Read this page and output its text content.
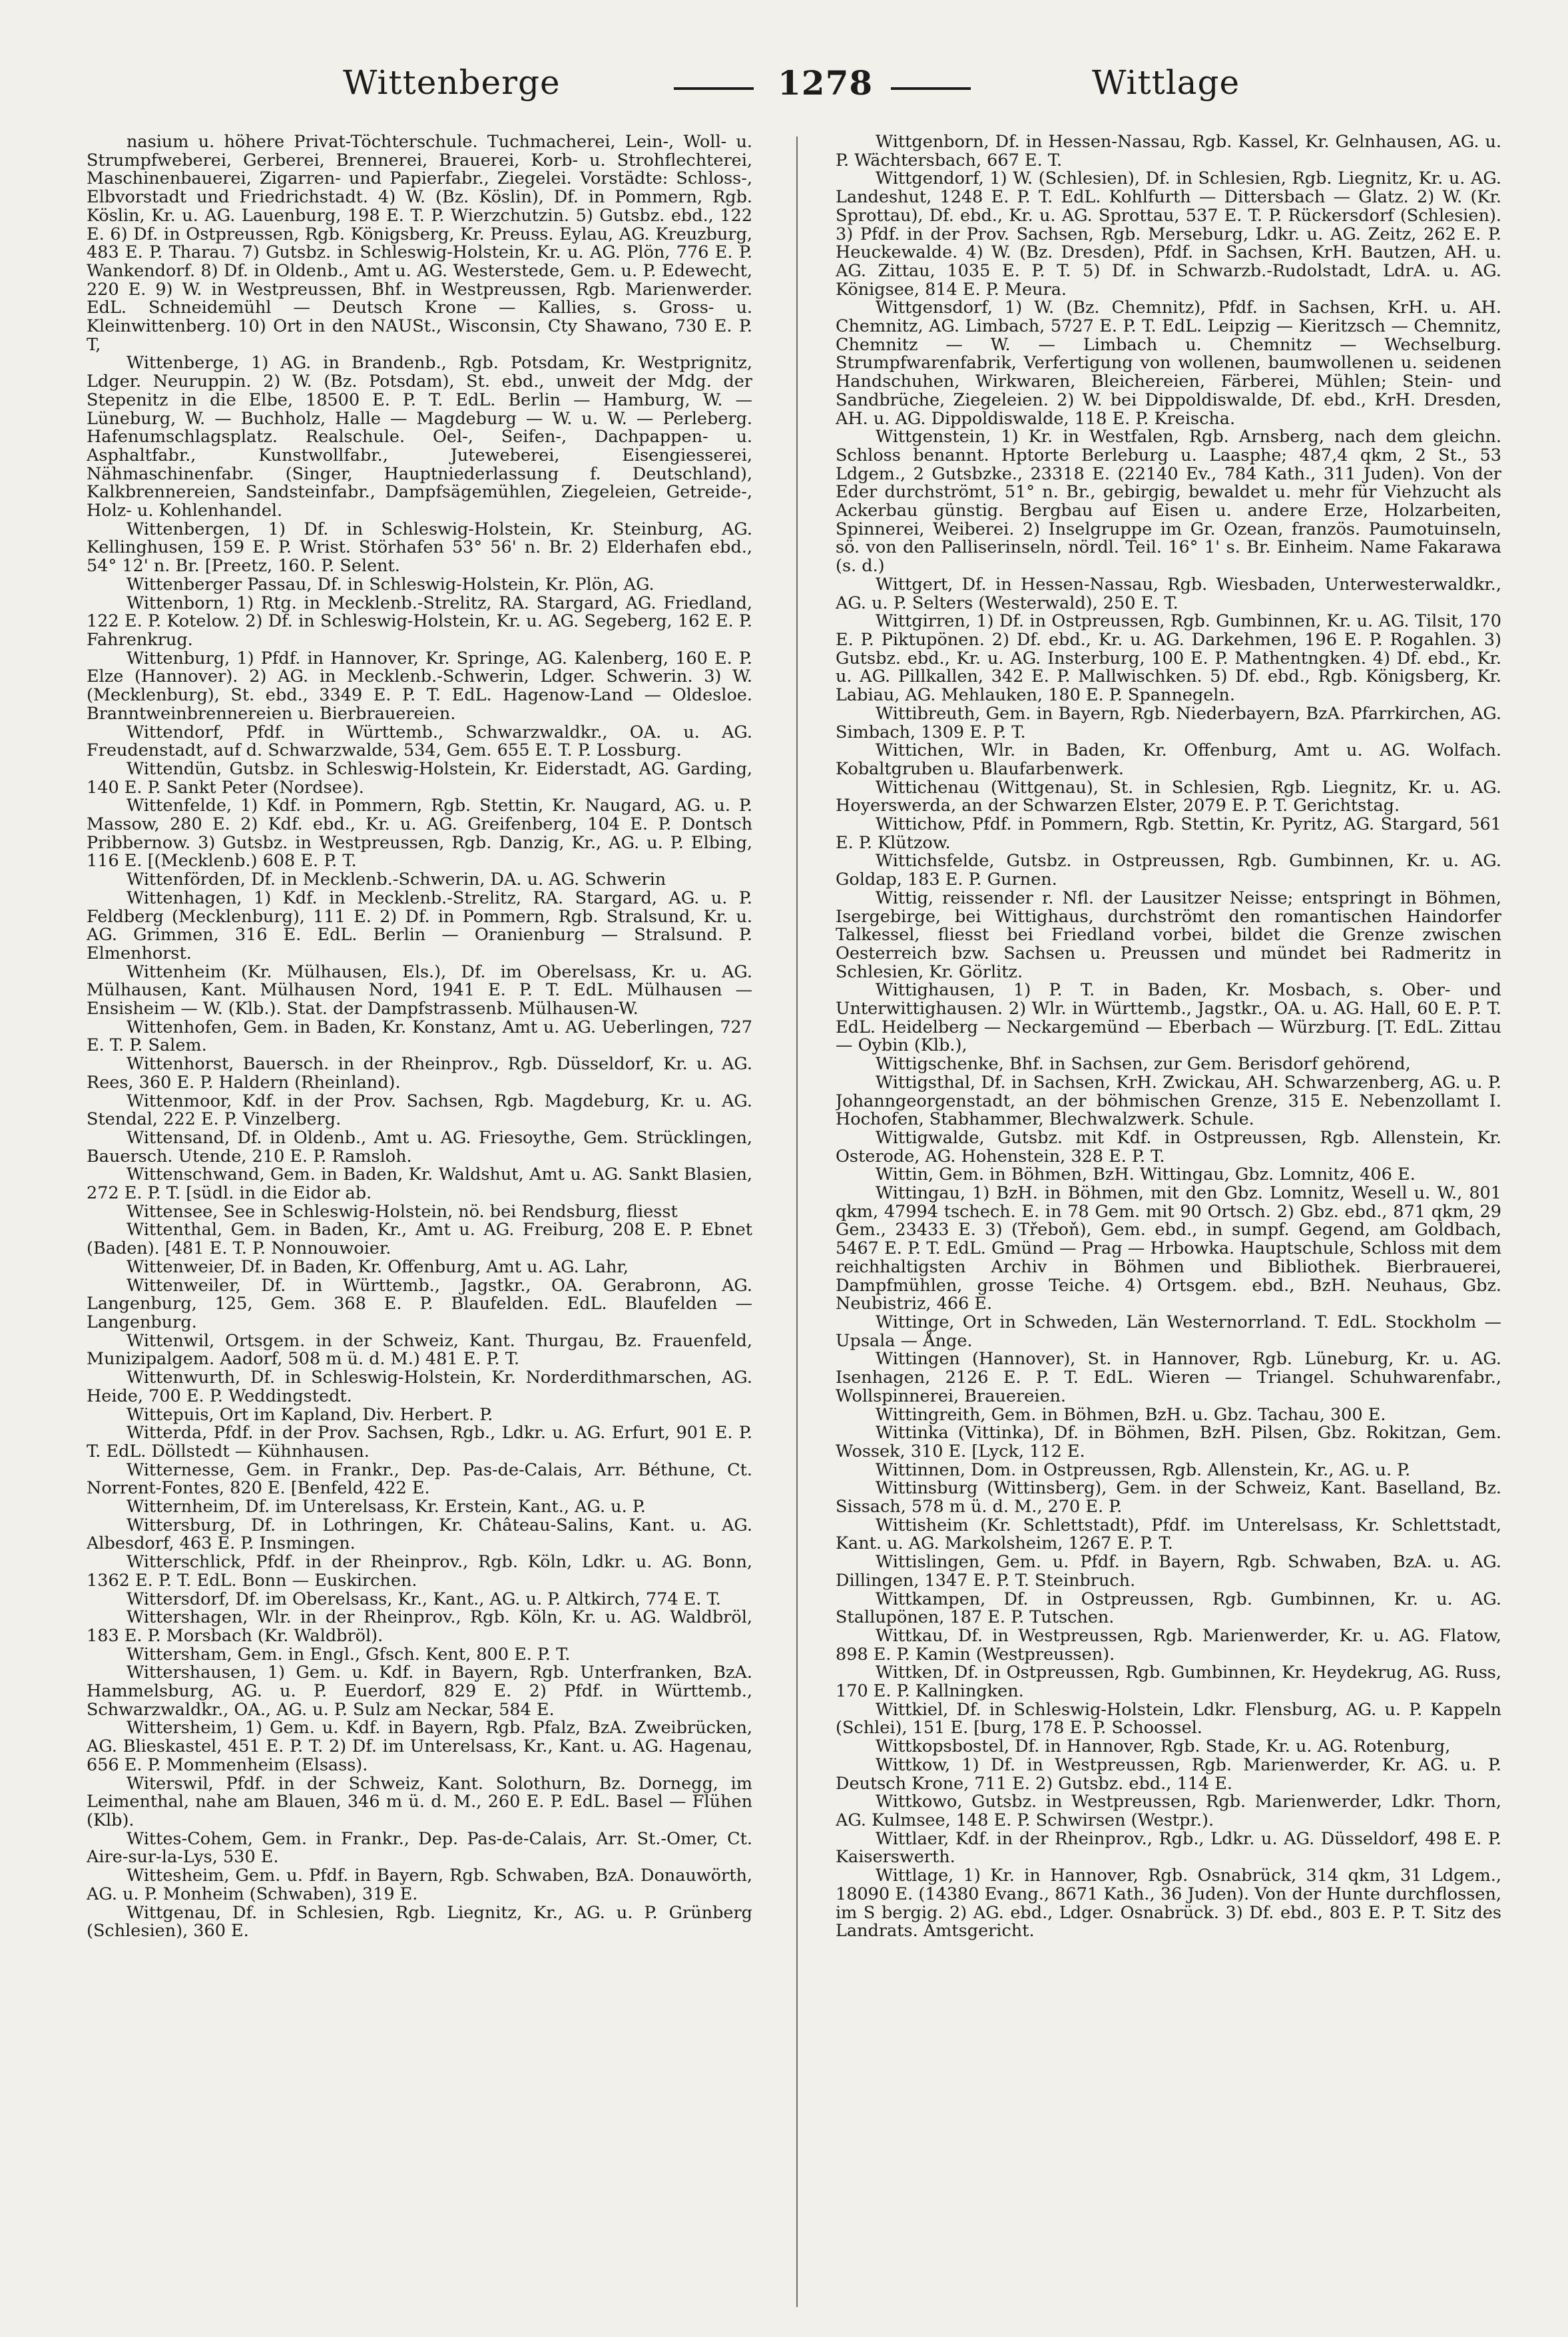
Wittenberge	1278	Wittlage

nasium u. höhere Privat-Töchterschule. Tuchmacherei, Lein-, Woll- u. Strumpfweberei, Gerberei, Brennerei, Brauerei, Korb- u. Strohflechterei, Maschinenbauerei, Zigarren- und Papierfabr., Ziegelei. Vorstädte: Schloss-, Elbvorstadt und Friedrichstadt. 4) W. (Bz. Köslin), Df. in Pommern, Rgb. Köslin, Kr. u. AG. Lauenburg, 198 E. T. P. Wierzchutzin. 5) Gutsbz. ebd., 122 E. 6) Df. in Ostpreussen, Rgb. Königsberg, Kr. Preuss. Eylau, AG. Kreuzburg, 483 E. P. Tharau. 7) Gutsbz. in Schleswig-Holstein, Kr. u. AG. Plön, 776 E. P. Wankendorf. 8) Df. in Oldenb., Amt u. AG. Westerstede, Gem. u. P. Edewecht, 220 E. 9) W. in Westpreussen, Bhf. in Westpreussen, Rgb. Marienwerder. EdL. Schneidemühl — Deutsch Krone — Kallies, s. Gross- u. Kleinwittenberg. 10) Ort in den NAUSt., Wisconsin, Cty Shawano, 730 E. P. T,

Wittenberge, 1) AG. in Brandenb., Rgb. Potsdam, Kr. Westprignitz, Ldger. Neuruppin. 2) W. (Bz. Potsdam), St. ebd., unweit der Mdg. der Stepenitz in die Elbe, 18500 E. P. T. EdL. Berlin — Hamburg, W. — Lüneburg, W. — Buchholz, Halle — Magdeburg — W. u. W. — Perleberg. Hafenumschlagsplatz. Realschule. Oel-, Seifen-, Dachpappen- u. Asphaltfabr., Kunstwollfabr., Juteweberei, Eisengiesserei, Nähmaschinenfabr. (Singer, Hauptniederlassung f. Deutschland), Kalkbrennereien, Sandsteinfabr., Dampfsägemühlen, Ziegeleien, Getreide-, Holz- u. Kohlenhandel.

Wittenbergen, 1) Df. in Schleswig-Holstein, Kr. Steinburg, AG. Kellinghusen, 159 E. P. Wrist. Störhafen 53° 56' n. Br. 2) Elderhafen ebd., 54° 12' n. Br. [Preetz, 160. P. Selent.

Wittenberger Passau, Df. in Schleswig-Holstein, Kr. Plön, AG.

Wittenborn, 1) Rtg. in Mecklenb.-Strelitz, RA. Stargard, AG. Friedland, 122 E. P. Kotelow. 2) Df. in Schleswig-Holstein, Kr. u. AG. Segeberg, 162 E. P. Fahrenkrug.

Wittenburg, 1) Pfdf. in Hannover, Kr. Springe, AG. Kalenberg, 160 E. P. Elze (Hannover). 2) AG. in Mecklenb.-Schwerin, Ldger. Schwerin. 3) W. (Mecklenburg), St. ebd., 3349 E. P. T. EdL. Hagenow-Land — Oldesloe. Branntweinbrennereien u. Bierbrauereien.

Wittendorf, Pfdf. in Württemb., Schwarzwaldkr., OA. u. AG. Freudenstadt, auf d. Schwarzwalde, 534, Gem. 655 E. T. P. Lossburg.

Wittendün, Gutsbz. in Schleswig-Holstein, Kr. Eiderstadt, AG. Garding, 140 E. P. Sankt Peter (Nordsee).

Wittenfelde, 1) Kdf. in Pommern, Rgb. Stettin, Kr. Naugard, AG. u. P. Massow, 280 E. 2) Kdf. ebd., Kr. u. AG. Greifenberg, 104 E. P. Dontsch Pribbernow. 3) Gutsbz. in Westpreussen, Rgb. Danzig, Kr., AG. u. P. Elbing, 116 E. [(Mecklenb.) 608 E. P. T.

Wittenförden, Df. in Mecklenb.-Schwerin, DA. u. AG. Schwerin

Wittenhagen, 1) Kdf. in Mecklenb.-Strelitz, RA. Stargard, AG. u. P. Feldberg (Mecklenburg), 111 E. 2) Df. in Pommern, Rgb. Stralsund, Kr. u. AG. Grimmen, 316 E. EdL. Berlin — Oranienburg — Stralsund. P. Elmenhorst.

Wittenheim (Kr. Mülhausen, Els.), Df. im Oberelsass, Kr. u. AG. Mülhausen, Kant. Mülhausen Nord, 1941 E. P. T. EdL. Mülhausen — Ensisheim — W. (Klb.). Stat. der Dampfstrassenb. Mülhausen-W.

Wittenhofen, Gem. in Baden, Kr. Konstanz, Amt u. AG. Ueberlingen, 727 E. T. P. Salem.

Wittenhorst, Bauersch. in der Rheinprov., Rgb. Düsseldorf, Kr. u. AG. Rees, 360 E. P. Haldern (Rheinland).

Wittenmoor, Kdf. in der Prov. Sachsen, Rgb. Magdeburg, Kr. u. AG. Stendal, 222 E. P. Vinzelberg.

Wittensand, Df. in Oldenb., Amt u. AG. Friesoythe, Gem. Strücklingen, Bauersch. Utende, 210 E. P. Ramsloh.

Wittenschwand, Gem. in Baden, Kr. Waldshut, Amt u. AG. Sankt Blasien, 272 E. P. T. [südl. in die Eidor ab.

Wittensee, See in Schleswig-Holstein, nö. bei Rendsburg, fliesst

Wittenthal, Gem. in Baden, Kr., Amt u. AG. Freiburg, 208 E. P. Ebnet (Baden). [481 E. T. P. Nonnouwoier.

Wittenweier, Df. in Baden, Kr. Offenburg, Amt u. AG. Lahr,

Wittenweiler, Df. in Württemb., Jagstkr., OA. Gerabronn, AG. Langenburg, 125, Gem. 368 E. P. Blaufelden. EdL. Blaufelden — Langenburg.

Wittenwil, Ortsgem. in der Schweiz, Kant. Thurgau, Bz. Frauenfeld, Munizipalgem. Aadorf, 508 m ü. d. M.) 481 E. P. T.

Wittenwurth, Df. in Schleswig-Holstein, Kr. Norderdithmarschen, AG. Heide, 700 E. P. Weddingstedt.

Wittepuis, Ort im Kapland, Div. Herbert. P.

Witterda, Pfdf. in der Prov. Sachsen, Rgb., Ldkr. u. AG. Erfurt, 901 E. P. T. EdL. Döllstedt — Kühnhausen.

Witternesse, Gem. in Frankr., Dep. Pas-de-Calais, Arr. Béthune, Ct. Norrent-Fontes, 820 E. [Benfeld, 422 E.

Witternheim, Df. im Unterelsass, Kr. Erstein, Kant., AG. u. P.

Wittersburg, Df. in Lothringen, Kr. Château-Salins, Kant. u. AG. Albesdorf, 463 E. P. Insmingen.

Witterschlick, Pfdf. in der Rheinprov., Rgb. Köln, Ldkr. u. AG. Bonn, 1362 E. P. T. EdL. Bonn — Euskirchen.

Wittersdorf, Df. im Oberelsass, Kr., Kant., AG. u. P. Altkirch, 774 E. T.

Wittershagen, Wlr. in der Rheinprov., Rgb. Köln, Kr. u. AG. Waldbröl, 183 E. P. Morsbach (Kr. Waldbröl).

Wittersham, Gem. in Engl., Gfsch. Kent, 800 E. P. T.

Wittershausen, 1) Gem. u. Kdf. in Bayern, Rgb. Unterfranken, BzA. Hammelsburg, AG. u. P. Euerdorf, 829 E. 2) Pfdf. in Württemb., Schwarzwaldkr., OA., AG. u. P. Sulz am Neckar, 584 E.

Wittersheim, 1) Gem. u. Kdf. in Bayern, Rgb. Pfalz, BzA. Zweibrücken, AG. Blieskastel, 451 E. P. T. 2) Df. im Unterelsass, Kr., Kant. u. AG. Hagenau, 656 E. P. Mommenheim (Elsass).

Witerswil, Pfdf. in der Schweiz, Kant. Solothurn, Bz. Dornegg, im Leimenthal, nahe am Blauen, 346 m ü. d. M., 260 E. P. EdL. Basel — Flühen (Klb).

Wittes-Cohem, Gem. in Frankr., Dep. Pas-de-Calais, Arr. St.-Omer, Ct. Aire-sur-la-Lys, 530 E.

Wittesheim, Gem. u. Pfdf. in Bayern, Rgb. Schwaben, BzA. Donauwörth, AG. u. P. Monheim (Schwaben), 319 E.

Wittgenau, Df. in Schlesien, Rgb. Liegnitz, Kr., AG. u. P. Grünberg (Schlesien), 360 E.

Wittgenborn, Df. in Hessen-Nassau, Rgb. Kassel, Kr. Gelnhausen, AG. u. P. Wächtersbach, 667 E. T.

Wittgendorf, 1) W. (Schlesien), Df. in Schlesien, Rgb. Liegnitz, Kr. u. AG. Landeshut, 1248 E. P. T. EdL. Kohlfurth — Dittersbach — Glatz. 2) W. (Kr. Sprottau), Df. ebd., Kr. u. AG. Sprottau, 537 E. T. P. Rückersdorf (Schlesien). 3) Pfdf. in der Prov. Sachsen, Rgb. Merseburg, Ldkr. u. AG. Zeitz, 262 E. P. Heuckewalde. 4) W. (Bz. Dresden), Pfdf. in Sachsen, KrH. Bautzen, AH. u. AG. Zittau, 1035 E. P. T. 5) Df. in Schwarzb.-Rudolstadt, LdrA. u. AG. Königsee, 814 E. P. Meura.

Wittgensdorf, 1) W. (Bz. Chemnitz), Pfdf. in Sachsen, KrH. u. AH. Chemnitz, AG. Limbach, 5727 E. P. T. EdL. Leipzig — Kieritzsch — Chemnitz, Chemnitz — W. — Limbach u. Chemnitz — Wechselburg. Strumpfwarenfabrik, Verfertigung von wollenen, baumwollenen u. seidenen Handschuhen, Wirkwaren, Bleichereien, Färberei, Mühlen; Stein- und Sandbrüche, Ziegeleien. 2) W. bei Dippoldiswalde, Df. ebd., KrH. Dresden, AH. u. AG. Dippoldiswalde, 118 E. P. Kreischa.

Wittgenstein, 1) Kr. in Westfalen, Rgb. Arnsberg, nach dem gleichn. Schloss benannt. Hptorte Berleburg u. Laasphe; 487,4 qkm, 2 St., 53 Ldgem., 2 Gutsbzke., 23318 E. (22140 Ev., 784 Kath., 311 Juden). Von der Eder durchströmt, 51° n. Br., gebirgig, bewaldet u. mehr für Viehzucht als Ackerbau günstig. Bergbau auf Eisen u. andere Erze, Holzarbeiten, Spinnerei, Weiberei. 2) Inselgruppe im Gr. Ozean, französ. Paumotuinseln, sö. von den Palliserinseln, nördl. Teil. 16° 1' s. Br. Einheim. Name Fakarawa (s. d.)

Wittgert, Df. in Hessen-Nassau, Rgb. Wiesbaden, Unterwesterwaldkr., AG. u. P. Selters (Westerwald), 250 E. T.

Wittgirren, 1) Df. in Ostpreussen, Rgb. Gumbinnen, Kr. u. AG. Tilsit, 170 E. P. Piktupönen. 2) Df. ebd., Kr. u. AG. Darkehmen, 196 E. P. Rogahlen. 3) Gutsbz. ebd., Kr. u. AG. Insterburg, 100 E. P. Mathentngken. 4) Df. ebd., Kr. u. AG. Pillkallen, 342 E. P. Mallwischken. 5) Df. ebd., Rgb. Königsberg, Kr. Labiau, AG. Mehlauken, 180 E. P. Spannegeln.

Wittibreuth, Gem. in Bayern, Rgb. Niederbayern, BzA. Pfarrkirchen, AG. Simbach, 1309 E. P. T.

Wittichen, Wlr. in Baden, Kr. Offenburg, Amt u. AG. Wolfach. Kobaltgruben u. Blaufarbenwerk.

Wittichenau (Wittgenau), St. in Schlesien, Rgb. Liegnitz, Kr. u. AG. Hoyerswerda, an der Schwarzen Elster, 2079 E. P. T. Gerichtstag.

Wittichow, Pfdf. in Pommern, Rgb. Stettin, Kr. Pyritz, AG. Stargard, 561 E. P. Klützow.

Wittichsfelde, Gutsbz. in Ostpreussen, Rgb. Gumbinnen, Kr. u. AG. Goldap, 183 E. P. Gurnen.

Wittig, reissender r. Nfl. der Lausitzer Neisse; entspringt in Böhmen, Isergebirge, bei Wittighaus, durchströmt den romantischen Haindorfer Talkessel, fliesst bei Friedland vorbei, bildet die Grenze zwischen Oesterreich bzw. Sachsen u. Preussen und mündet bei Radmeritz in Schlesien, Kr. Görlitz.

Wittighausen, 1) P. T. in Baden, Kr. Mosbach, s. Ober- und Unterwittighausen. 2) Wlr. in Württemb., Jagstkr., OA. u. AG. Hall, 60 E. P. T. EdL. Heidelberg — Neckargemünd — Eberbach — Würzburg. [T. EdL. Zittau — Oybin (Klb.),

Wittigschenke, Bhf. in Sachsen, zur Gem. Berisdorf gehörend,

Wittigsthal, Df. in Sachsen, KrH. Zwickau, AH. Schwarzenberg, AG. u. P. Johanngeorgenstadt, an der böhmischen Grenze, 315 E. Nebenzollamt I. Hochofen, Stabhammer, Blechwalzwerk. Schule.

Wittigwalde, Gutsbz. mit Kdf. in Ostpreussen, Rgb. Allenstein, Kr. Osterode, AG. Hohenstein, 328 E. P. T.

Wittin, Gem. in Böhmen, BzH. Wittingau, Gbz. Lomnitz, 406 E.

Wittingau, 1) BzH. in Böhmen, mit den Gbz. Lomnitz, Wesell u. W., 801 qkm, 47994 tschech. E. in 78 Gem. mit 90 Ortsch. 2) Gbz. ebd., 871 qkm, 29 Gem., 23433 E. 3) (Třeboň), Gem. ebd., in sumpf. Gegend, am Goldbach, 5467 E. P. T. EdL. Gmünd — Prag — Hrbowka. Hauptschule, Schloss mit dem reichhaltigsten Archiv in Böhmen und Bibliothek. Bierbrauerei, Dampfmühlen, grosse Teiche. 4) Ortsgem. ebd., BzH. Neuhaus, Gbz. Neubistriz, 466 E.

Wittinge, Ort in Schweden, Län Westernorrland. T. EdL. Stockholm — Upsala — Ånge.

Wittingen (Hannover), St. in Hannover, Rgb. Lüneburg, Kr. u. AG. Isenhagen, 2126 E. P. T. EdL. Wieren — Triangel. Schuhwarenfabr., Wollspinnerei, Brauereien.

Wittingreith, Gem. in Böhmen, BzH. u. Gbz. Tachau, 300 E.

Wittinka (Vittinka), Df. in Böhmen, BzH. Pilsen, Gbz. Rokitzan, Gem. Wossek, 310 E. [Lyck, 112 E.

Wittinnen, Dom. in Ostpreussen, Rgb. Allenstein, Kr., AG. u. P.

Wittinsburg (Wittinsberg), Gem. in der Schweiz, Kant. Baselland, Bz. Sissach, 578 m ü. d. M., 270 E. P.

Wittisheim (Kr. Schlettstadt), Pfdf. im Unterelsass, Kr. Schlettstadt, Kant. u. AG. Markolsheim, 1267 E. P. T.

Wittislingen, Gem. u. Pfdf. in Bayern, Rgb. Schwaben, BzA. u. AG. Dillingen, 1347 E. P. T. Steinbruch.

Wittkampen, Df. in Ostpreussen, Rgb. Gumbinnen, Kr. u. AG. Stallupönen, 187 E. P. Tutschen.

Wittkau, Df. in Westpreussen, Rgb. Marienwerder, Kr. u. AG. Flatow, 898 E. P. Kamin (Westpreussen).

Wittken, Df. in Ostpreussen, Rgb. Gumbinnen, Kr. Heydekrug, AG. Russ, 170 E. P. Kallningken.

Wittkiel, Df. in Schleswig-Holstein, Ldkr. Flensburg, AG. u. P. Kappeln (Schlei), 151 E. [burg, 178 E. P. Schoossel.

Wittkopsbostel, Df. in Hannover, Rgb. Stade, Kr. u. AG. Rotenburg,

Wittkow, 1) Df. in Westpreussen, Rgb. Marienwerder, Kr. AG. u. P. Deutsch Krone, 711 E. 2) Gutsbz. ebd., 114 E.

Wittkowo, Gutsbz. in Westpreussen, Rgb. Marienwerder, Ldkr. Thorn, AG. Kulmsee, 148 E. P. Schwirsen (Westpr.).

Wittlaer, Kdf. in der Rheinprov., Rgb., Ldkr. u. AG. Düsseldorf, 498 E. P. Kaiserswerth.

Wittlage, 1) Kr. in Hannover, Rgb. Osnabrück, 314 qkm, 31 Ldgem., 18090 E. (14380 Evang., 8671 Kath., 36 Juden). Von der Hunte durchflossen, im S bergig. 2) AG. ebd., Ldger. Osnabrück. 3) Df. ebd., 803 E. P. T. Sitz des Landrats. Amtsgericht.
